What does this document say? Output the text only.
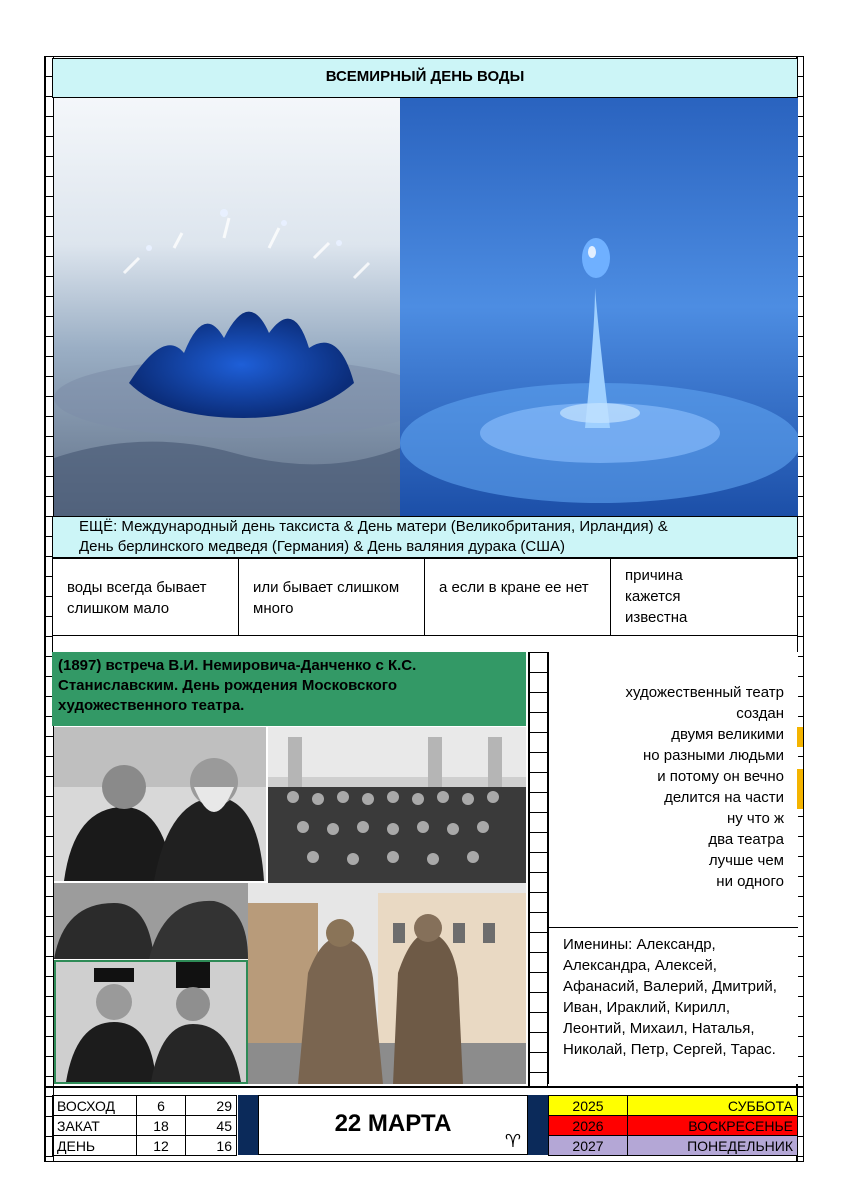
ВСЕМИРНЫЙ ДЕНЬ ВОДЫ
ЕЩЁ: Международный день таксиста & День матери (Великобритания, Ирландия) &
День берлинского медведя (Германия) & День валяния дурака (США)
воды всегда бывает слишком мало
или бывает слишком много
а если в кране ее нет
причина кажется известна
(1897) встреча В.И. Немировича-Данченко с К.С. Станиславским. День рождения Московского художественного театра.
художественный театр
создан
двумя великими
но разными людьми
и потому он вечно
делится на части
ну что ж
два театра
лучше чем
ни одного
Именины: Александр, Александра, Алексей, Афанасий, Валерий, Дмитрий, Иван, Ираклий, Кирилл, Леонтий, Михаил, Наталья, Николай, Петр, Сергей, Тарас.
ВОСХОД	6	29
ЗАКАТ	18	45
ДЕНЬ	12	16
22 МАРТА
♈
2025	СУББОТА
2026	ВОСКРЕСЕНЬЕ
2027	ПОНЕДЕЛЬНИК
